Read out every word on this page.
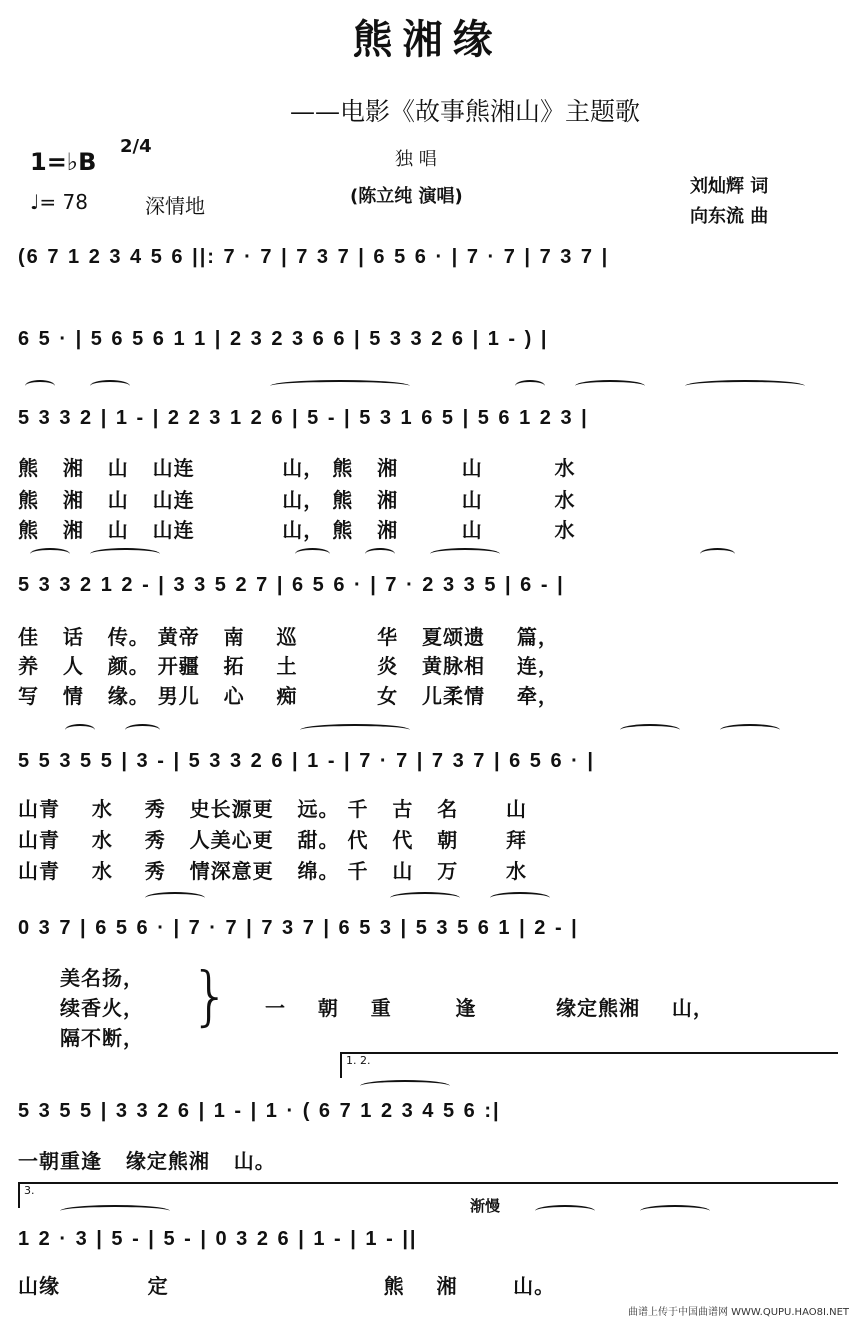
熊湘缘
——电影《故事熊湘山》主题歌
1=♭B
2/4
♩= 78	深情地
独 唱
(陈立纯 演唱)	刘灿辉 词
向东流 曲
(6 7 1 2 3 4 5 6 ||: 7 · 7 | 7 3 7 | 6 5 6 · | 7 · 7 | 7 3 7 |
6 5 · | 5 6 5 6 1 1 | 2 3 2 3 6 6 | 5 3 3 2 6 | 1 - ) |
5 3 3 2 | 1 - | 2 2 3 1 2 6 | 5 - | 5 3 1 6 5 | 5 6 1 2 3 |
熊   湘   山   山连           山， 熊   湘        山         水
熊   湘   山   山连           山， 熊   湘        山         水
熊   湘   山   山连           山， 熊   湘        山         水
5 3 3 2 1 2 - | 3 3 5 2 7 | 6 5 6 · | 7 · 2 3 3 5 | 6 - |
佳   话   传。 黄帝   南    巡          华   夏颂遗    篇，
养   人   颜。 开疆   拓    土          炎   黄脉相    连，
写   情   缘。 男儿   心    痴          女   儿柔情    牵，
5 5 3 5 5 | 3 - | 5 3 3 2 6 | 1 - | 7 · 7 | 7 3 7 | 6 5 6 · |
山青    水    秀   史长源更   远。 千   古   名      山
山青    水    秀   人美心更   甜。 代   代   朝      拜
山青    水    秀   情深意更   绵。 千   山   万      水
0 3 7 | 6 5 6 · | 7 · 7 | 7 3 7 | 6 5 3 | 5 3 5 6 1 | 2 - |
美名扬，
续香火，
隔不断，
} 一    朝    重        逢          缘定熊湘    山，
1. 2.
5 3 5 5 | 3 3 2 6 | 1 - | 1 · ( 6 7 1 2 3 4 5 6 :|
一朝重逢   缘定熊湘   山。
3.
渐慢
1 2 · 3 | 5 - | 5 - | 0 3 2 6 | 1 - | 1 - ||
山缘           定                           熊    湘       山。
曲谱上传于中国曲谱网 WWW.QUPU.HAO8I.NET
